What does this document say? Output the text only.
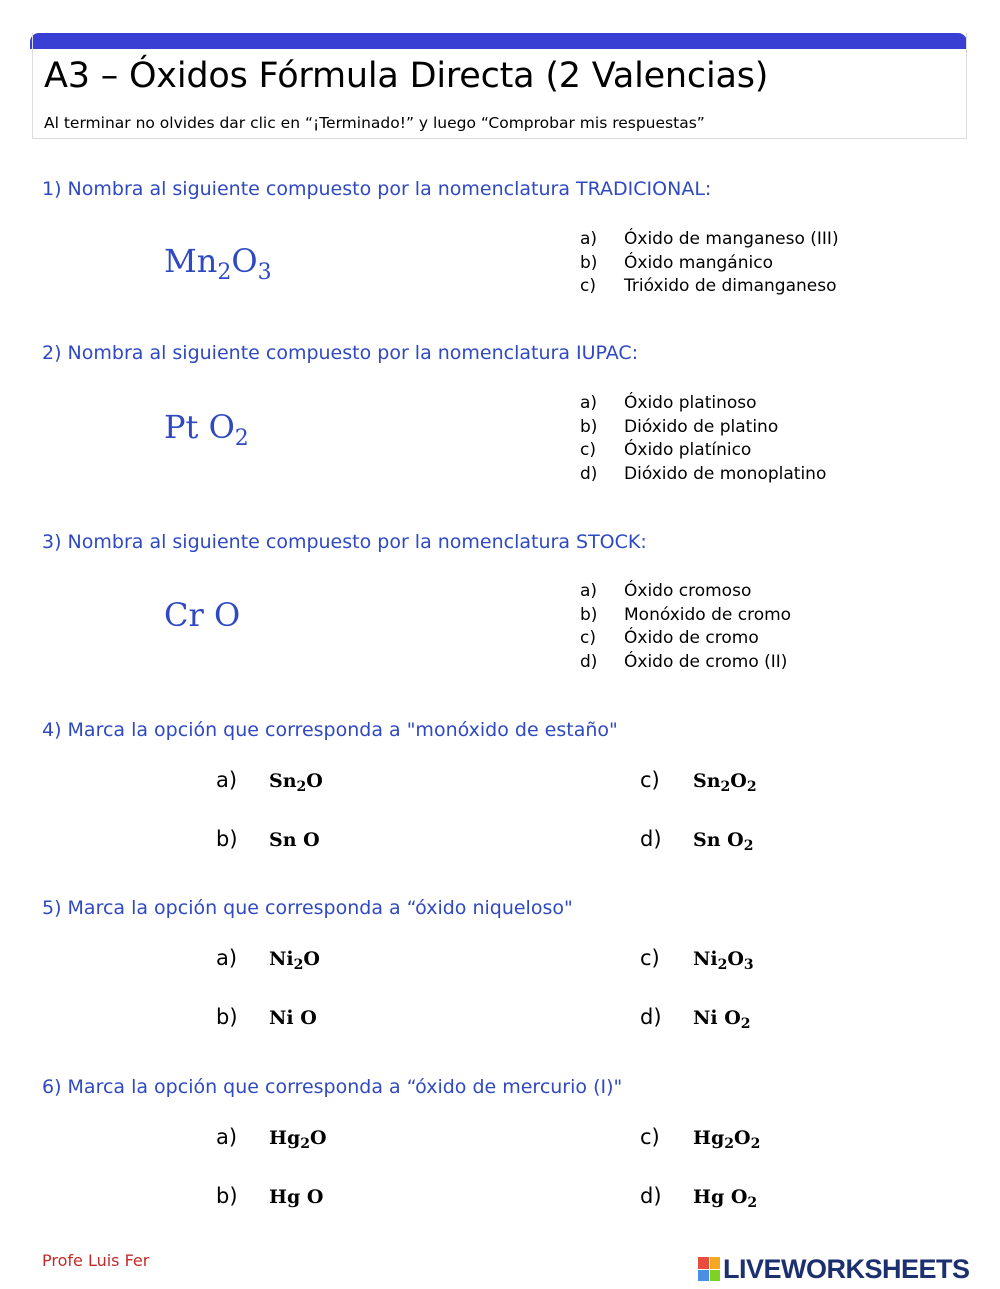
A3 – Óxidos Fórmula Directa (2 Valencias)
Al terminar no olvides dar clic en “¡Terminado!” y luego “Comprobar mis respuestas”
1) Nombra al siguiente compuesto por la nomenclatura TRADICIONAL:
$Mn_2O_3$
a)	Óxido de manganeso (III)
b)	Óxido mangánico
c)	Trióxido de dimanganeso
2) Nombra al siguiente compuesto por la nomenclatura IUPAC:
Pt $O_2$
a)	Óxido platinoso
b)	Dióxido de platino
c)	Óxido platínico
d)	Dióxido de monoplatino
3) Nombra al siguiente compuesto por la nomenclatura STOCK:
Cr O
a)	Óxido cromoso
b)	Monóxido de cromo
c)	Óxido de cromo
d)	Óxido de cromo (II)
4) Marca la opción que corresponda a "monóxido de estaño"
a)	$Sn_2O$
b)	Sn O
c)	$Sn_2O_2$
d)	Sn $O_2$
5) Marca la opción que corresponda a “óxido niqueloso"
a)	$Ni_2O$
b)	Ni O
c)	$Ni_2O_3$
d)	Ni $O_2$
6) Marca la opción que corresponda a “óxido de mercurio (I)"
a)	$Hg_2O$
b)	Hg O
c)	$Hg_2O_2$
d)	Hg $O_2$
Profe Luis Fer	LIVEWORKSHEETS
